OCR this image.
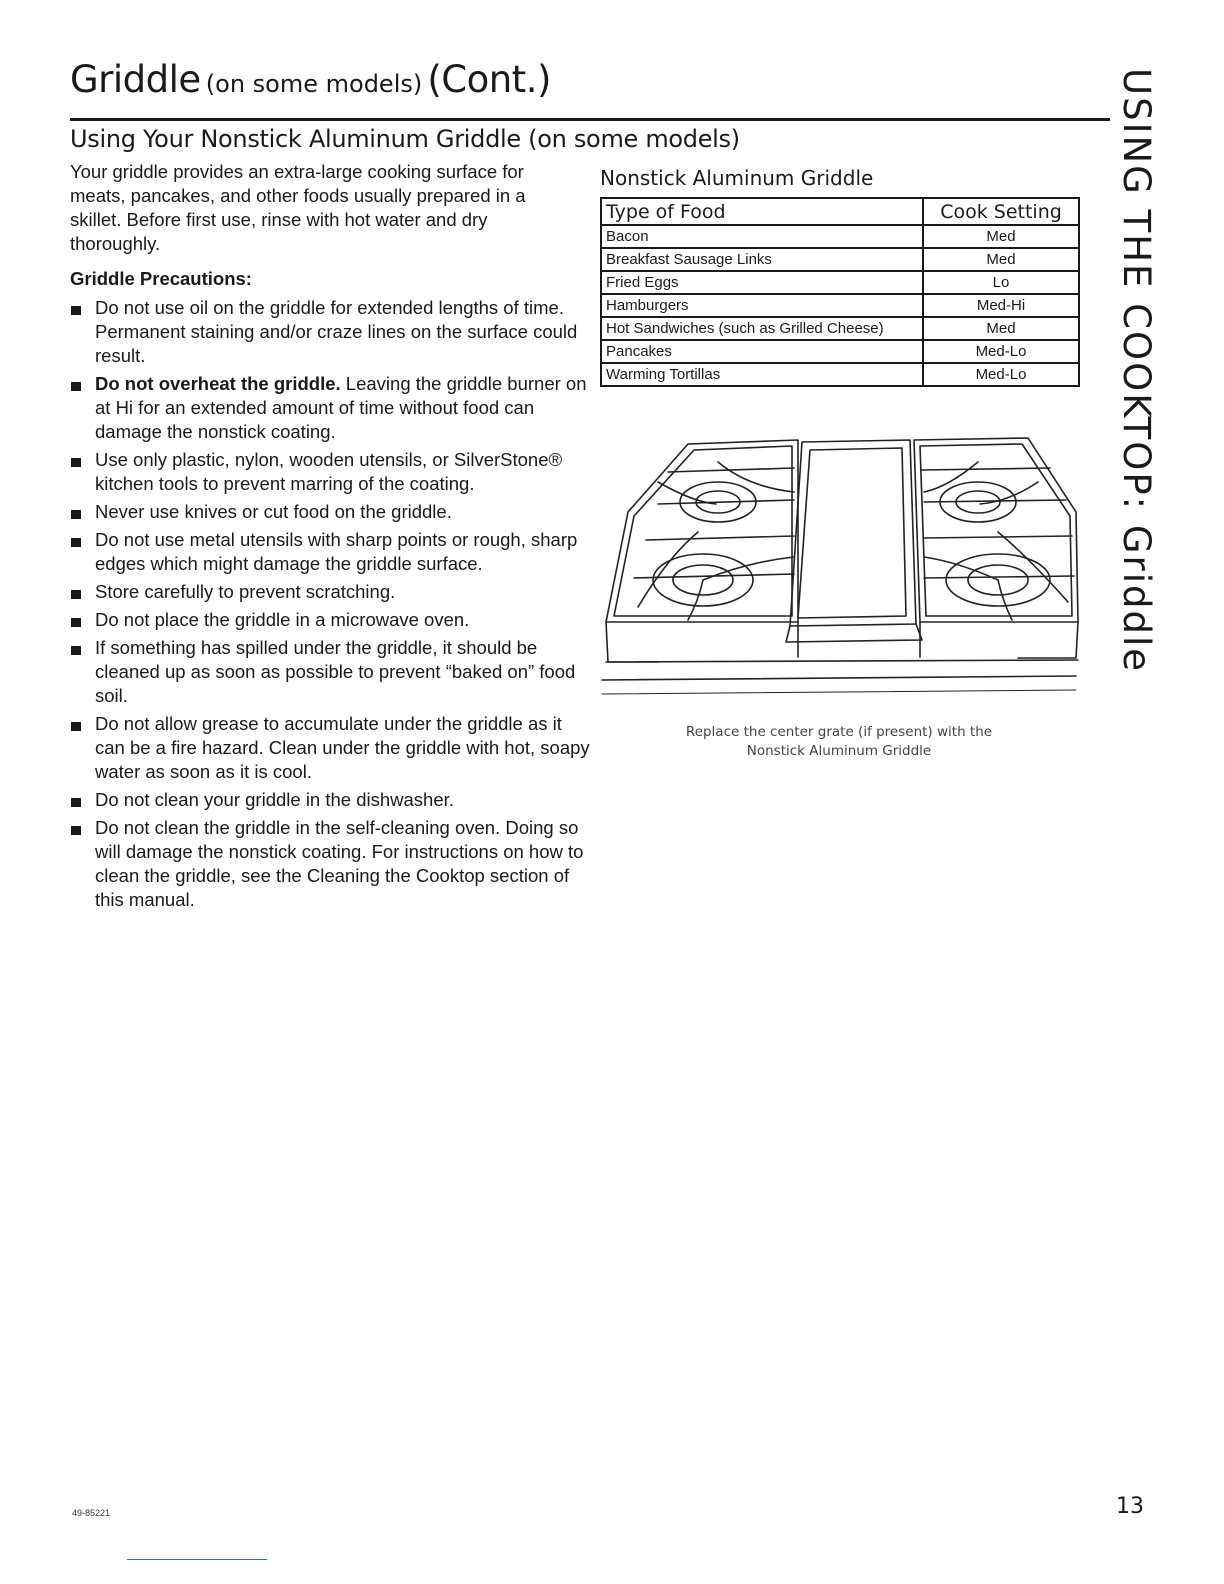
Griddle (on some models) (Cont.)
Using Your Nonstick Aluminum Griddle (on some models)
Your griddle provides an extra-large cooking surface for meats, pancakes, and other foods usually prepared in a skillet. Before first use, rinse with hot water and dry thoroughly.
Griddle Precautions:
Do not use oil on the griddle for extended lengths of time. Permanent staining and/or craze lines on the surface could result.
Do not overheat the griddle. Leaving the griddle burner on at Hi for an extended amount of time without food can damage the nonstick coating.
Use only plastic, nylon, wooden utensils, or SilverStone® kitchen tools to prevent marring of the coating.
Never use knives or cut food on the griddle.
Do not use metal utensils with sharp points or rough, sharp edges which might damage the griddle surface.
Store carefully to prevent scratching.
Do not place the griddle in a microwave oven.
If something has spilled under the griddle, it should be cleaned up as soon as possible to prevent “baked on” food soil.
Do not allow grease to accumulate under the griddle as it can be a fire hazard. Clean under the griddle with hot, soapy water as soon as it is cool.
Do not clean your griddle in the dishwasher.
Do not clean the griddle in the self-cleaning oven. Doing so will damage the nonstick coating. For instructions on how to clean the griddle, see the Cleaning the Cooktop section of this manual.
Nonstick Aluminum Griddle
Type of Food	Cook Setting
Bacon	Med
Breakfast Sausage Links	Med
Fried Eggs	Lo
Hamburgers	Med-Hi
Hot Sandwiches (such as Grilled Cheese)	Med
Pancakes	Med-Lo
Warming Tortillas	Med-Lo
Replace the center grate (if present) with the
Nonstick Aluminum Griddle
USING THE COOKTOP: Griddle
49-85221	13
